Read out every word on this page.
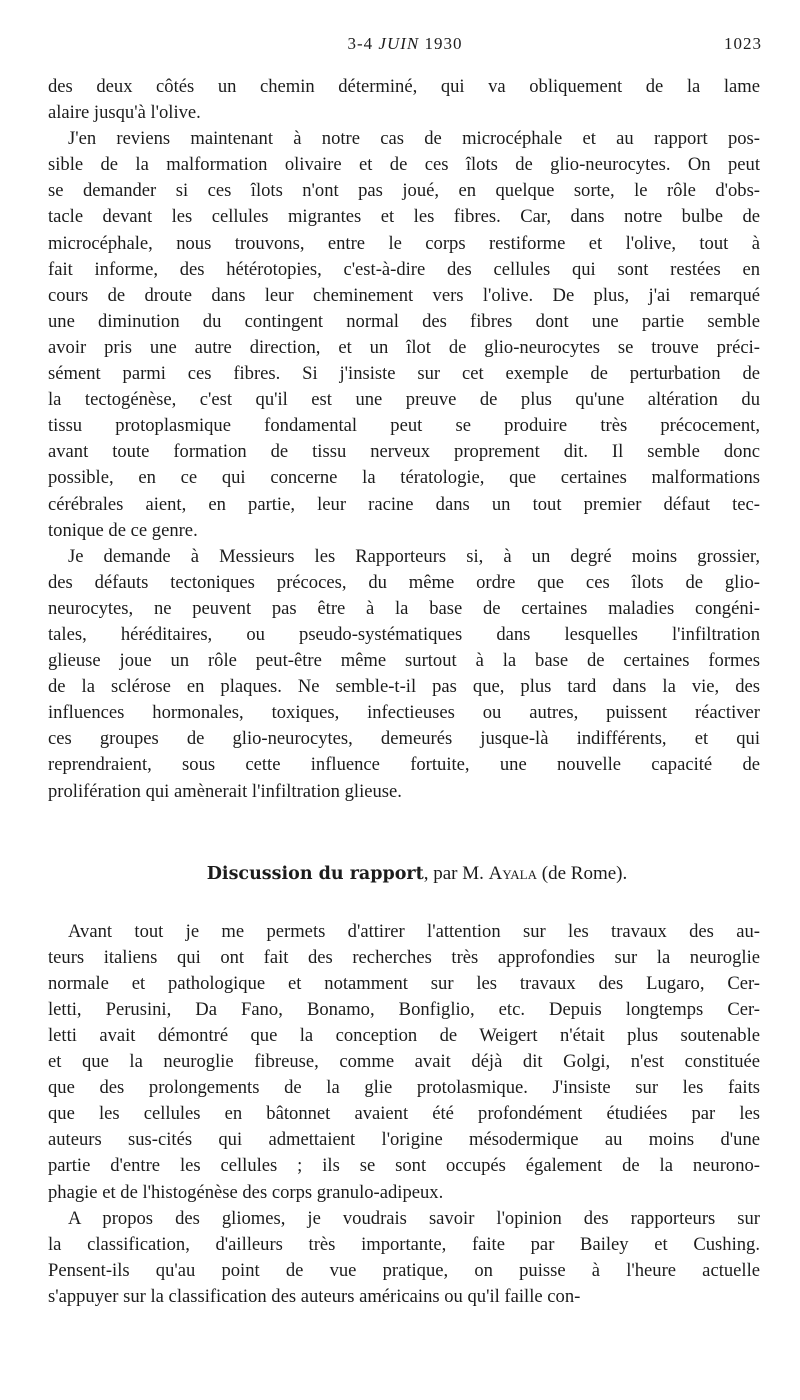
3-4 JUIN 1930	1023
des deux côtés un chemin déterminé, qui va obliquement de la lame
alaire jusqu'à l'olive.
J'en reviens maintenant à notre cas de microcéphale et au rapport pos-
sible de la malformation olivaire et de ces îlots de glio-neurocytes. On peut
se demander si ces îlots n'ont pas joué, en quelque sorte, le rôle d'obs-
tacle devant les cellules migrantes et les fibres. Car, dans notre bulbe de
microcéphale, nous trouvons, entre le corps restiforme et l'olive, tout à
fait informe, des hétérotopies, c'est-à-dire des cellules qui sont restées en
cours de droute dans leur cheminement vers l'olive. De plus, j'ai remarqué
une diminution du contingent normal des fibres dont une partie semble
avoir pris une autre direction, et un îlot de glio-neurocytes se trouve préci-
sément parmi ces fibres. Si j'insiste sur cet exemple de perturbation de
la tectogénèse, c'est qu'il est une preuve de plus qu'une altération du
tissu protoplasmique fondamental peut se produire très précocement,
avant toute formation de tissu nerveux proprement dit. Il semble donc
possible, en ce qui concerne la tératologie, que certaines malformations
cérébrales aient, en partie, leur racine dans un tout premier défaut tec-
tonique de ce genre.
Je demande à Messieurs les Rapporteurs si, à un degré moins grossier,
des défauts tectoniques précoces, du même ordre que ces îlots de glio-
neurocytes, ne peuvent pas être à la base de certaines maladies congéni-
tales, héréditaires, ou pseudo-systématiques dans lesquelles l'infiltration
glieuse joue un rôle peut-être même surtout à la base de certaines formes
de la sclérose en plaques. Ne semble-t-il pas que, plus tard dans la vie, des
influences hormonales, toxiques, infectieuses ou autres, puissent réactiver
ces groupes de glio-neurocytes, demeurés jusque-là indifférents, et qui
reprendraient, sous cette influence fortuite, une nouvelle capacité de
prolifération qui amènerait l'infiltration glieuse.
Discussion du rapport, par M. Ayala (de Rome).
Avant tout je me permets d'attirer l'attention sur les travaux des au-
teurs italiens qui ont fait des recherches très approfondies sur la neuroglie
normale et pathologique et notamment sur les travaux des Lugaro, Cer-
letti, Perusini, Da Fano, Bonamo, Bonfiglio, etc. Depuis longtemps Cer-
letti avait démontré que la conception de Weigert n'était plus soutenable
et que la neuroglie fibreuse, comme avait déjà dit Golgi, n'est constituée
que des prolongements de la glie protolasmique. J'insiste sur les faits
que les cellules en bâtonnet avaient été profondément étudiées par les
auteurs sus-cités qui admettaient l'origine mésodermique au moins d'une
partie d'entre les cellules ; ils se sont occupés également de la neurono-
phagie et de l'histogénèse des corps granulo-adipeux.
A propos des gliomes, je voudrais savoir l'opinion des rapporteurs sur
la classification, d'ailleurs très importante, faite par Bailey et Cushing.
Pensent-ils qu'au point de vue pratique, on puisse à l'heure actuelle
s'appuyer sur la classification des auteurs américains ou qu'il faille con-
